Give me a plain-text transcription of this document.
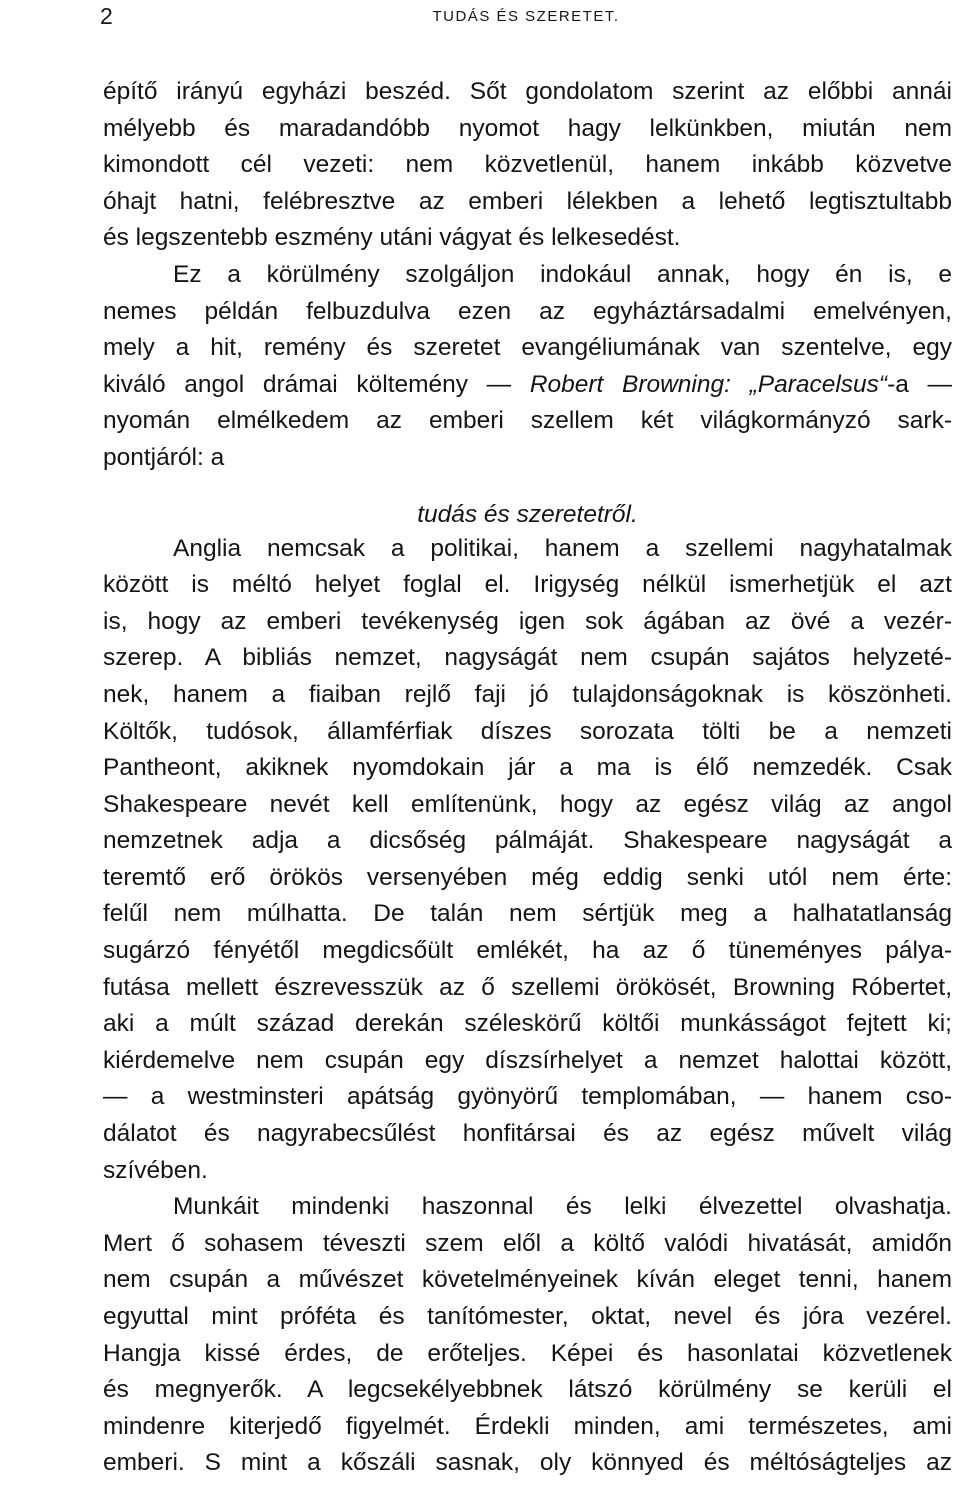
2	TUDÁS ÉS SZERETET.
építő irányú egyházi beszéd. Sőt gondolatom szerint az előbbi annái
mélyebb és maradandóbb nyomot hagy lelkünkben, miután nem
kimondott cél vezeti: nem közvetlenül, hanem inkább közvetve
óhajt hatni, felébresztve az emberi lélekben a lehető legtisztultabb
és legszentebb eszmény utáni vágyat és lelkesedést.
Ez a körülmény szolgáljon indokául annak, hogy én is, e
nemes példán felbuzdulva ezen az egyháztársadalmi emelvényen,
mely a hit, remény és szeretet evangéliumának van szentelve, egy
kiváló angol drámai költemény — Robert Browning: „Paracelsus“-a —
nyomán elmélkedem az emberi szellem két világkormányzó sark-
pontjáról: a
tudás és szeretetről.
Anglia nemcsak a politikai, hanem a szellemi nagyhatalmak
között is méltó helyet foglal el. Irigység nélkül ismerhetjük el azt
is, hogy az emberi tevékenység igen sok ágában az övé a vezér-
szerep. A bibliás nemzet, nagyságát nem csupán sajátos helyzeté-
nek, hanem a fiaiban rejlő faji jó tulajdonságoknak is köszönheti.
Költők, tudósok, államférfiak díszes sorozata tölti be a nemzeti
Pantheont, akiknek nyomdokain jár a ma is élő nemzedék. Csak
Shakespeare nevét kell említenünk, hogy az egész világ az angol
nemzetnek adja a dicsőség pálmáját. Shakespeare nagyságát a
teremtő erő örökös versenyében még eddig senki utól nem érte:
felűl nem múlhatta. De talán nem sértjük meg a halhatatlanság
sugárzó fényétől megdicsőült emlékét, ha az ő tüneményes pálya-
futása mellett észrevesszük az ő szellemi örökösét, Browning Róbertet,
aki a múlt század derekán széleskörű költői munkásságot fejtett ki;
kiérdemelve nem csupán egy díszsírhelyet a nemzet halottai között,
— a westminsteri apátság gyönyörű templomában, — hanem cso-
dálatot és nagyrabecsűlést honfitársai és az egész művelt világ
szívében.
Munkáit mindenki haszonnal és lelki élvezettel olvashatja.
Mert ő sohasem téveszti szem elől a költő valódi hivatását, amidőn
nem csupán a művészet követelményeinek kíván eleget tenni, hanem
egyuttal mint próféta és tanítómester, oktat, nevel és jóra vezérel.
Hangja kissé érdes, de erőteljes. Képei és hasonlatai közvetlenek
és megnyerők. A legcsekélyebbnek látszó körülmény se kerüli el
mindenre kiterjedő figyelmét. Érdekli minden, ami természetes, ami
emberi. S mint a kőszáli sasnak, oly könnyed és méltóságteljes az
